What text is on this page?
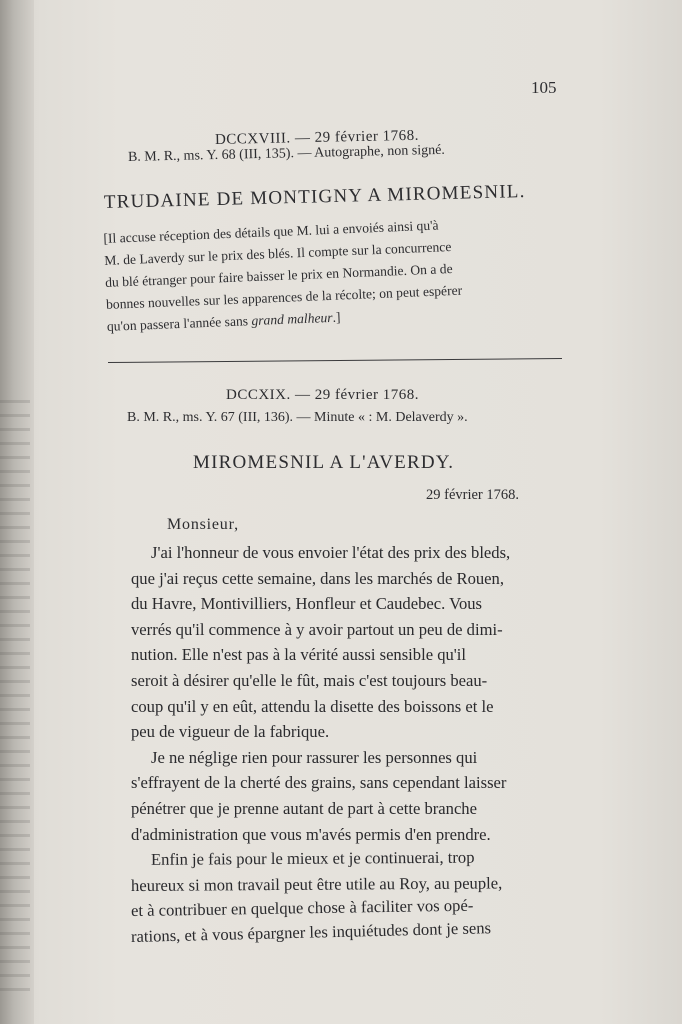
105
DCCXVIII. — 29 février 1768.
B. M. R., ms. Y. 68 (III, 135). — Autographe, non signé.
TRUDAINE DE MONTIGNY A MIROMESNIL.
[Il accuse réception des détails que M. lui a envoiés ainsi qu'à
M. de Laverdy sur le prix des blés. Il compte sur la concurrence
du blé étranger pour faire baisser le prix en Normandie. On a de
bonnes nouvelles sur les apparences de la récolte; on peut espérer
qu'on passera l'année sans grand malheur.]
DCCXIX. — 29 février 1768.
B. M. R., ms. Y. 67 (III, 136). — Minute « : M. Delaverdy ».
MIROMESNIL A L'AVERDY.
29 février 1768.
Monsieur,
J'ai l'honneur de vous envoier l'état des prix des bleds,
que j'ai reçus cette semaine, dans les marchés de Rouen,
du Havre, Montivilliers, Honfleur et Caudebec. Vous
verrés qu'il commence à y avoir partout un peu de dimi-
nution. Elle n'est pas à la vérité aussi sensible qu'il
seroit à désirer qu'elle le fût, mais c'est toujours beau-
coup qu'il y en eût, attendu la disette des boissons et le
peu de vigueur de la fabrique.
Je ne néglige rien pour rassurer les personnes qui
s'effrayent de la cherté des grains, sans cependant laisser
pénétrer que je prenne autant de part à cette branche
d'administration que vous m'avés permis d'en prendre.
Enfin je fais pour le mieux et je continuerai, trop
heureux si mon travail peut être utile au Roy, au peuple,
et à contribuer en quelque chose à faciliter vos opé-
rations, et à vous épargner les inquiétudes dont je sens
